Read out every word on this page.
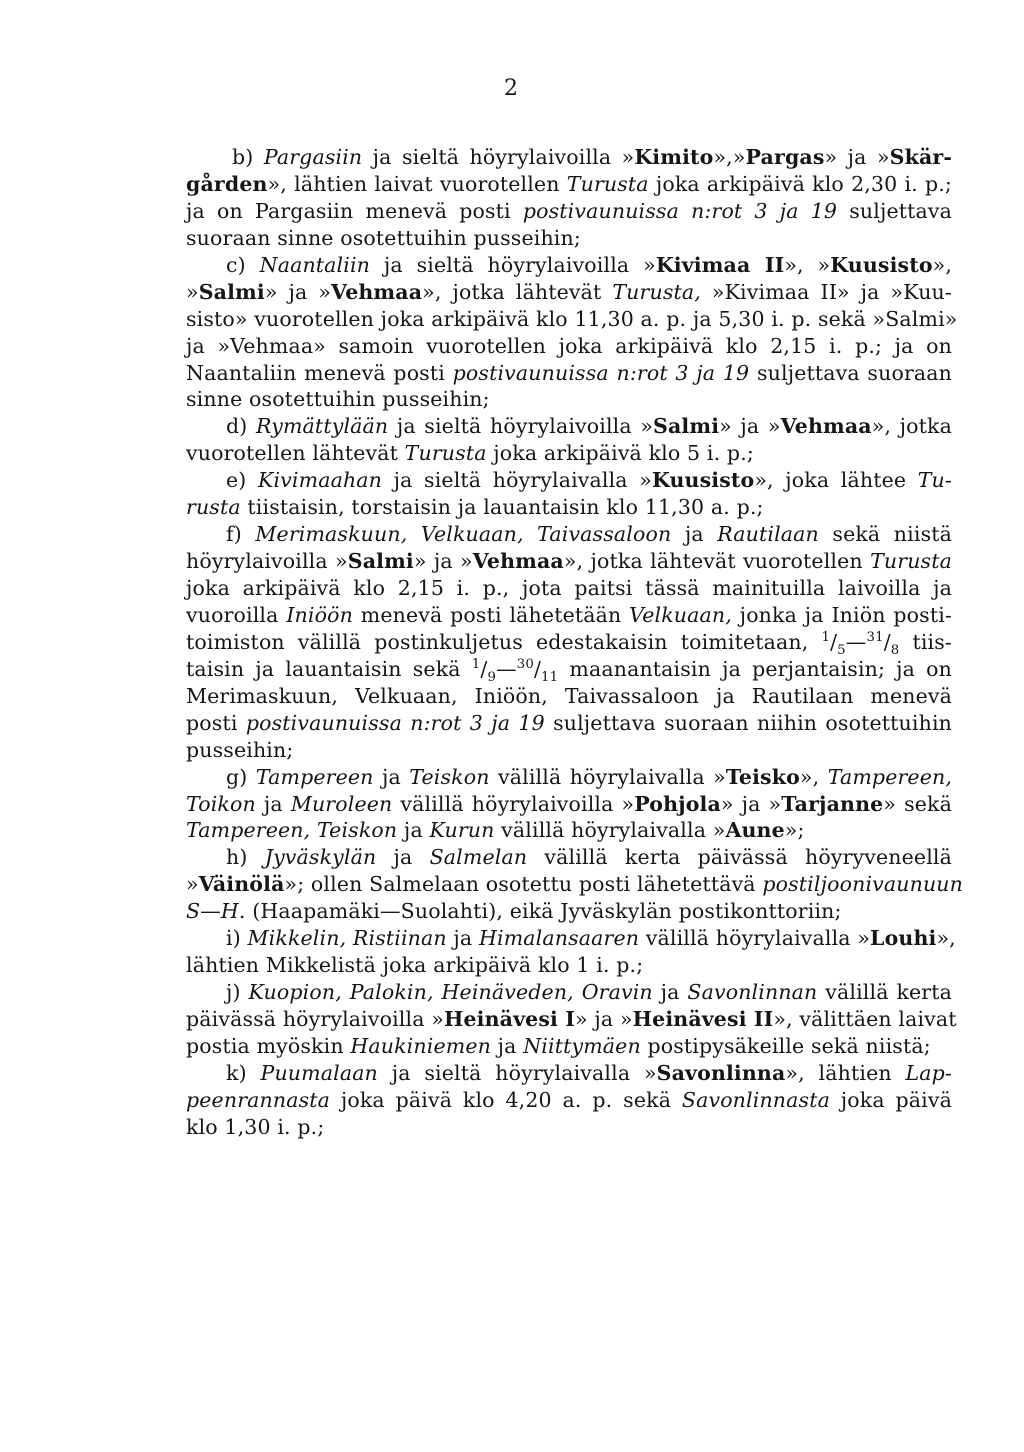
2
b) Pargasiin ja sieltä höyrylaivoilla »Kimito»,»Pargas» ja »Skär-
gården», lähtien laivat vuorotellen Turusta joka arkipäivä klo 2,30 i. p.;
ja on Pargasiin menevä posti postivaunuissa n:rot 3 ja 19 suljettava
suoraan sinne osotettuihin pusseihin;
c) Naantaliin ja sieltä höyrylaivoilla »Kivimaa II», »Kuusisto»,
»Salmi» ja »Vehmaa», jotka lähtevät Turusta, »Kivimaa II» ja »Kuu-
sisto» vuorotellen joka arkipäivä klo 11,30 a. p. ja 5,30 i. p. sekä »Salmi»
ja »Vehmaa» samoin vuorotellen joka arkipäivä klo 2,15 i. p.; ja on
Naantaliin menevä posti postivaunuissa n:rot 3 ja 19 suljettava suoraan
sinne osotettuihin pusseihin;
d) Rymättylään ja sieltä höyrylaivoilla »Salmi» ja »Vehmaa», jotka
vuorotellen lähtevät Turusta joka arkipäivä klo 5 i. p.;
e) Kivimaahan ja sieltä höyrylaivalla »Kuusisto», joka lähtee Tu-
rusta tiistaisin, torstaisin ja lauantaisin klo 11,30 a. p.;
f) Merimaskuun, Velkuaan, Taivassaloon ja Rautilaan sekä niistä
höyrylaivoilla »Salmi» ja »Vehmaa», jotka lähtevät vuorotellen Turusta
joka arkipäivä klo 2,15 i. p., jota paitsi tässä mainituilla laivoilla ja
vuoroilla Iniöön menevä posti lähetetään Velkuaan, jonka ja Iniön posti-
toimiston välillä postinkuljetus edestakaisin toimitetaan, $^1/_5—^{31}/_8$ tiis-
taisin ja lauantaisin sekä $^1/_9—^{30}/_{11}$ maanantaisin ja perjantaisin; ja on
Merimaskuun, Velkuaan, Iniöön, Taivassaloon ja Rautilaan menevä
posti postivaunuissa n:rot 3 ja 19 suljettava suoraan niihin osotettuihin
pusseihin;
g) Tampereen ja Teiskon välillä höyrylaivalla »Teisko», Tampereen,
Toikon ja Muroleen välillä höyrylaivoilla »Pohjola» ja »Tarjanne» sekä
Tampereen, Teiskon ja Kurun välillä höyrylaivalla »Aune»;
h) Jyväskylän ja Salmelan välillä kerta päivässä höyryveneellä
»Väinölä»; ollen Salmelaan osotettu posti lähetettävä postiljoonivaunuun
S—H. (Haapamäki—Suolahti), eikä Jyväskylän postikonttoriin;
i) Mikkelin, Ristiinan ja Himalansaaren välillä höyrylaivalla »Louhi»,
lähtien Mikkelistä joka arkipäivä klo 1 i. p.;
j) Kuopion, Palokin, Heinäveden, Oravin ja Savonlinnan välillä kerta
päivässä höyrylaivoilla »Heinävesi I» ja »Heinävesi II», välittäen laivat
postia myöskin Haukiniemen ja Niittymäen postipysäkeille sekä niistä;
k) Puumalaan ja sieltä höyrylaivalla »Savonlinna», lähtien Lap-
peenrannasta joka päivä klo 4,20 a. p. sekä Savonlinnasta joka päivä
klo 1,30 i. p.;
